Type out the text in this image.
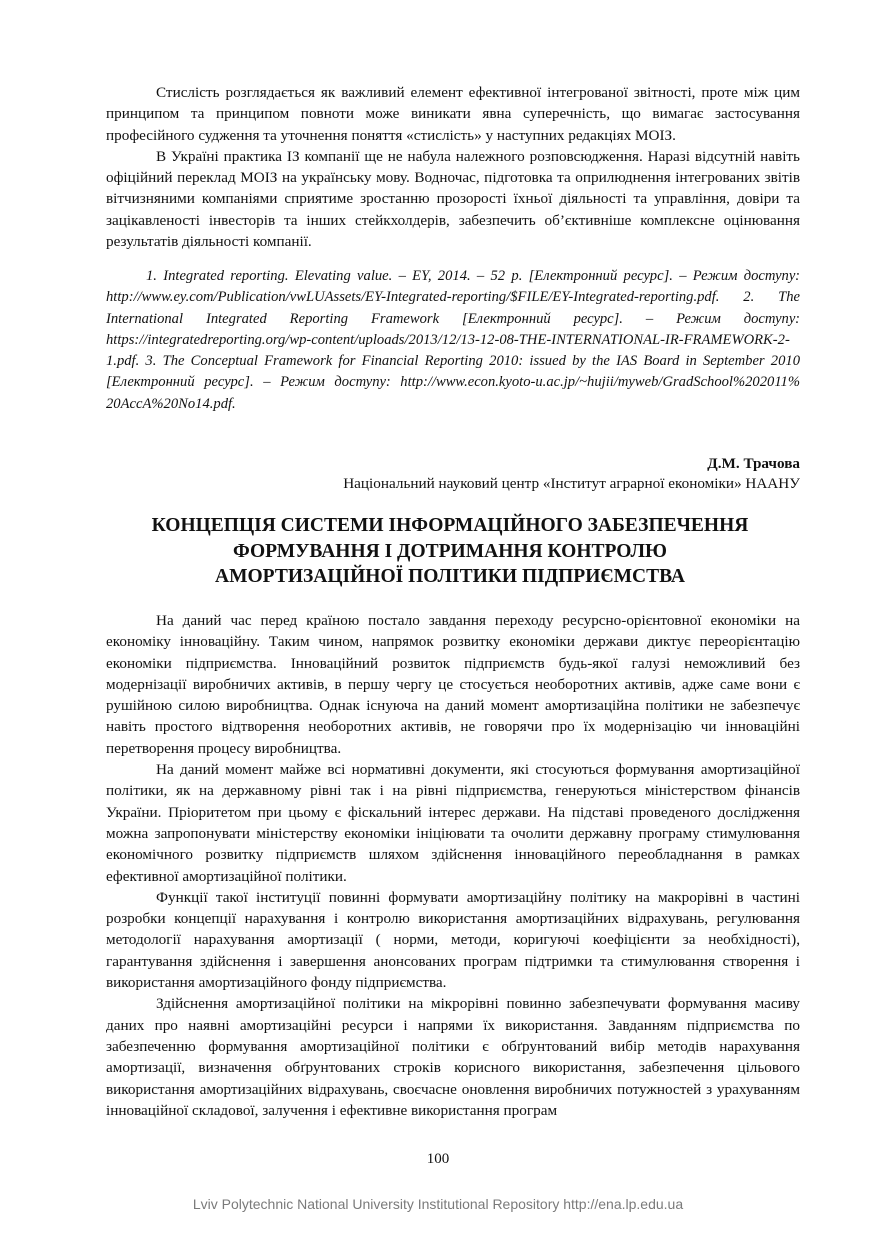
Стислість розглядається як важливий елемент ефективної інтегрованої звітності, проте між цим принципом та принципом повноти може виникати явна суперечність, що вимагає застосування професійного судження та уточнення поняття «стислість» у наступних редакціях МОІЗ.

В Україні практика ІЗ компанії ще не набула належного розповсюдження. Наразі відсутній навіть офіційний переклад МОІЗ на українську мову. Водночас, підготовка та оприлюднення інтегрованих звітів вітчизняними компаніями сприятиме зростанню прозорості їхньої діяльності та управління, довіри та зацікавленості інвесторів та інших стейкхолдерів, забезпечить об’єктивніше комплексне оцінювання результатів діяльності компанії.

1. Integrated reporting. Elevating value. – EY, 2014. – 52 p. [Електронний ресурс]. – Режим доступу: http://www.ey.com/Publication/vwLUAssets/EY-Integrated-reporting/$FILE/EY-Integrated-reporting.pdf. 2. The International Integrated Reporting Framework [Електронний ресурс]. – Режим доступу: https://integratedreporting.org/wp-content/uploads/2013/12/13-12-08-THE-INTERNATIONAL-IR-FRAMEWORK-2-1.pdf. 3. The Conceptual Framework for Financial Reporting 2010: issued by the IAS Board in September 2010 [Електронний ресурс]. – Режим доступу: http://www.econ.kyoto-u.ac.jp/~hujii/myweb/GradSchool%202011% 20AccA%20No14.pdf.

Д.М. Трачова
Національний науковий центр «Інститут аграрної економіки» НААНУ
КОНЦЕПЦІЯ СИСТЕМИ ІНФОРМАЦІЙНОГО ЗАБЕЗПЕЧЕННЯ
ФОРМУВАННЯ І ДОТРИМАННЯ КОНТРОЛЮ
АМОРТИЗАЦІЙНОЇ ПОЛІТИКИ ПІДПРИЄМСТВА

На даний час перед країною постало завдання переходу ресурсно-орієнтовної економіки на економіку інноваційну. Таким чином, напрямок розвитку економіки держави диктує переорієнтацію економіки підприємства. Інноваційний розвиток підприємств будь-якої галузі неможливий без модернізації виробничих активів, в першу чергу це стосується необоротних активів, адже саме вони є рушійною силою виробництва. Однак існуюча на даний момент амортизаційна політики не забезпечує навіть простого відтворення необоротних активів, не говорячи про їх модернізацію чи інноваційні перетворення процесу виробництва.

На даний момент майже всі нормативні документи, які стосуються формування амортизаційної політики, як на державному рівні так і на рівні підприємства, генеруються міністерством фінансів України. Пріоритетом при цьому є фіскальний інтерес держави. На підставі проведеного дослідження можна запропонувати міністерству економіки ініціювати та очолити державну програму стимулювання економічного розвитку підприємств шляхом здійснення інноваційного переобладнання в рамках ефективної амортизаційної політики.

Функції такої інституції повинні формувати амортизаційну політику на макрорівні в частині розробки концепції нарахування і контролю використання амортизаційних відрахувань, регулювання методології нарахування амортизації ( норми, методи, коригуючі коефіцієнти за необхідності), гарантування здійснення і завершення анонсованих програм підтримки та стимулювання створення і використання амортизаційного фонду підприємства.

Здійснення амортизаційної політики на мікрорівні повинно забезпечувати формування масиву даних про наявні амортизаційні ресурси і напрями їх використання. Завданням підприємства по забезпеченню формування амортизаційної політики є обґрунтований вибір методів нарахування амортизації, визначення обґрунтованих строків корисного використання, забезпечення цільового використання амортизаційних відрахувань, своєчасне оновлення виробничих потужностей з урахуванням інноваційної складової, залучення і ефективне використання програм

100
Lviv Polytechnic National University Institutional Repository http://ena.lp.edu.ua
